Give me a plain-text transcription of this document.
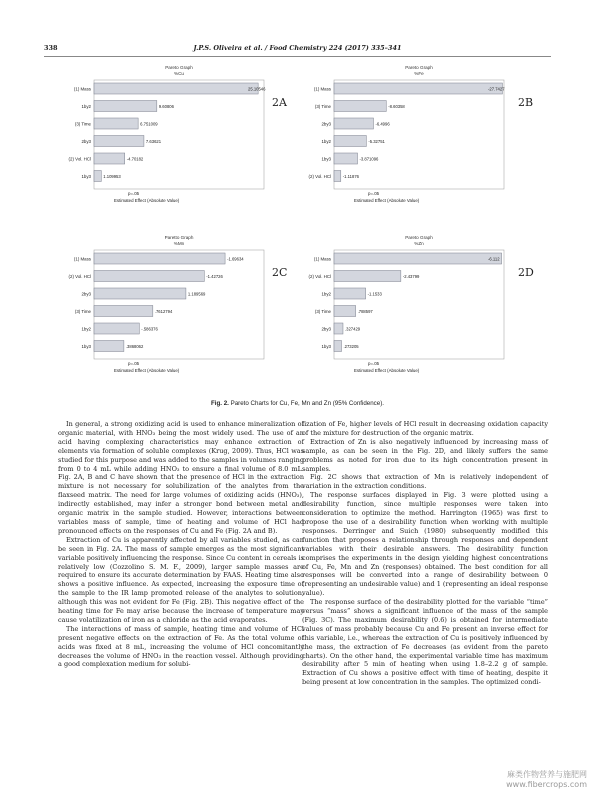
338	J.P.S. Oliveira et al. / Food Chemistry 224 (2017) 335–341
Pareto Graph
%Cu
(1) Mass	25.10546
1by2	9.60806
(3) Time	6.751009
2by3	7.63621
(2) Vol. HCl	-4.70182
1by3	1.109953
p=.05
Estimated Effect (Absolute Value)
Pareto Graph
%Fe
(1) Mass	-27.7427
(3) Time	-8.60358
2by3	-6.4996
1by2	-5.32751
1by3	-3.871096
(2) Vol. HCl	-1.11876
p=.05
Estimated Effect (Absolute Value)
Paretto Graph
%Mn
(1) Mass	-1.69634
(2) Vol. HCl	-1.42726
2by3	1.189569
(3) Time	.7612794
1by2	-.586376
1by3	.3868062
p=.05
Estimated Effect (Absolute Value)
Pareto Graph
%Zn
(1) Mass	-6.112
(2) Vol. HCl	-2.43799
1by2	-1.1533
(3) Time	.788597
2by3	.327429
1by3	.273205
p=.05
Estimated Effect (Absolute Value)
2A	2B
2C	2D
Fig. 2. Pareto Charts for Cu, Fe, Mn and Zn (95% Confidence).

In general, a strong oxidizing acid is used to enhance mineralization of organic material, with HNO₃ being the most widely used. The use of an acid having complexing characteristics may enhance extraction of elements via formation of soluble complexes (Krug, 2009). Thus, HCl was studied for this purpose and was added to the samples in volumes ranging from 0 to 4 mL while adding HNO₃ to ensure a final volume of 8.0 mL. Fig. 2A, B and C have shown that the presence of HCl in the extraction mixture is not necessary for solubilization of the analytes from the flaxseed matrix. The need for large volumes of oxidizing acids (HNO₃), indirectly established, may infer a stronger bond between metal and organic matrix in the sample studied. However, interactions between variables mass of sample, time of heating and volume of HCl had pronounced effects on the responses of Cu and Fe (Fig. 2A and B).

Extraction of Cu is apparently affected by all variables studied, as can be seen in Fig. 2A. The mass of sample emerges as the most significant variable positively influencing the response. Since Cu content in cereals is relatively low (Cozzolino S. M. F., 2009), larger sample masses are required to ensure its accurate determination by FAAS. Heating time also shows a positive influence. As expected, increasing the exposure time of the sample to the IR lamp promoted release of the analytes to solution, although this was not evident for Fe (Fig. 2B). This negative effect of the heating time for Fe may arise because the increase of temperature may cause volatilization of iron as a chloride as the acid evaporates.

The interactions of mass of sample, heating time and volume of HCl present negative effects on the extraction of Fe. As the total volume of acids was fixed at 8 mL, increasing the volume of HCl concomitantly decreases the volume of HNO₃ in the reaction vessel. Although providing a good complexation medium for solubi-

lization of Fe, higher levels of HCl result in decreasing oxidation capacity of the mixture for destruction of the organic matrix.

Extraction of Zn is also negatively influenced by increasing mass of sample, as can be seen in the Fig. 2D, and likely suffers the same problems as noted for iron due to its high concentration present in samples.

Fig. 2C shows that extraction of Mn is relatively independent of variation in the extraction conditions.

The response surfaces displayed in Fig. 3 were plotted using a desirability function, since multiple responses were taken into consideration to optimize the method. Harrington (1965) was first to propose the use of a desirability function when working with multiple responses. Derringer and Suich (1980) subsequently modified this function that proposes a relationship through responses and dependent variables with their desirable answers. The desirability function comprises the experiments in the design yielding highest concentrations of Cu, Fe, Mn and Zn (responses) obtained. The best condition for all responses will be converted into a range of desirability between 0 (representing an undesirable value) and 1 (representing an ideal response value).

The response surface of the desirability plotted for the variable “time” versus “mass” shows a significant influence of the mass of the sample (Fig. 3C). The maximum desirability (0.6) is obtained for intermediate values of mass probably because Cu and Fe present an inverse effect for this variable, i.e., whereas the extraction of Cu is positively influenced by the mass, the extraction of Fe decreases (as evident from the pareto charts). On the other hand, the experimental variable time has maximum desirability after 5 min of heating when using 1.8–2.2 g of sample. Extraction of Cu shows a positive effect with time of heating, despite it being present at low concentration in the samples. The optimized condi-

麻类作物营养与施肥网
www.fibercrops.com
